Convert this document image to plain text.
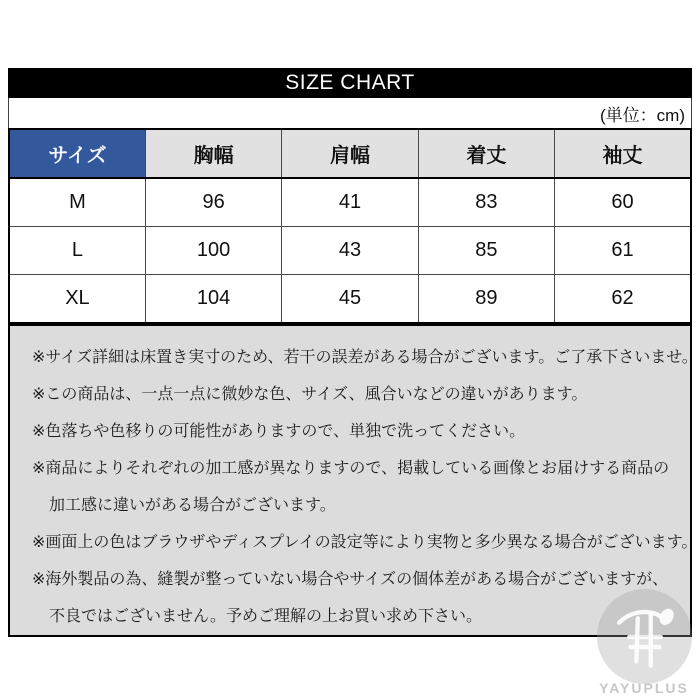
SIZE CHART
(単位：cm)
サイズ	胸幅	肩幅	着丈	袖丈
M	96	41	83	60
L	100	43	85	61
XL	104	45	89	62
※サイズ詳細は床置き実寸のため、若干の誤差がある場合がございます。ご了承下さいませ。
※この商品は、一点一点に微妙な色、サイズ、風合いなどの違いがあります。
※色落ちや色移りの可能性がありますので、単独で洗ってください。
※商品によりそれぞれの加工感が異なりますので、掲載している画像とお届けする商品の
加工感に違いがある場合がございます。
※画面上の色はブラウザやディスプレイの設定等により実物と多少異なる場合がございます。
※海外製品の為、縫製が整っていない場合やサイズの個体差がある場合がございますが、
不良ではございません。予めご理解の上お買い求め下さい。
YAYUPLUS
